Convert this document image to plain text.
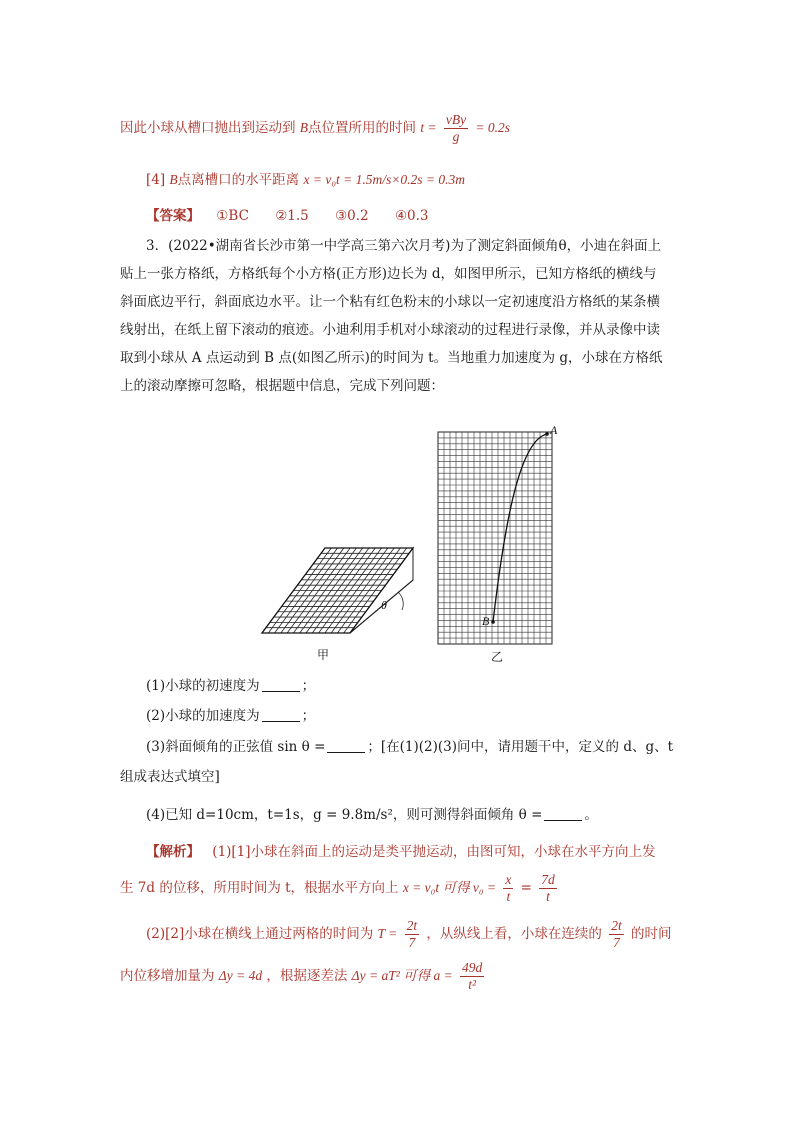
因此小球从槽口抛出到运动到 B点位置所用的时间 $t = \frac{\text{vBy}}{g} = 0.2s$
[4] B点离槽口的水平距离 x = v₀t = 1.5m/s×0.2s = 0.3m
【答案】 ①BC ②1.5 ③0.2 ④0.3
3．(2022•湖南省长沙市第一中学高三第六次月考)为了测定斜面倾角θ，小迪在斜面上
贴上一张方格纸，方格纸每个小方格(正方形)边长为 d，如图甲所示，已知方格纸的横线与
斜面底边平行，斜面底边水平。让一个粘有红色粉末的小球以一定初速度沿方格纸的某条横
线射出，在纸上留下滚动的痕迹。小迪利用手机对小球滚动的过程进行录像，并从录像中读
取到小球从 A 点运动到 B 点(如图乙所示)的时间为 t。当地重力加速度为 g，小球在方格纸
上的滚动摩擦可忽略，根据题中信息，完成下列问题：
甲	乙
θ
A
B
(1)小球的初速度为	；
(2)小球的加速度为	；
(3)斜面倾角的正弦值 sin θ =	；[在(1)(2)(3)问中，请用题干中，定义的 d、g、t
组成表达式填空]
(4)已知 d=10cm，t=1s，g = 9.8m/s²，则可测得斜面倾角 θ =	。
【解析】 (1)[1]小球在斜面上的运动是类平抛运动，由图可知，小球在水平方向上发
生 7d 的位移，所用时间为 t，根据水平方向上 x = v₀t 可得 $v_0 = \frac{x}{t} = \frac{7d}{t}$
(2)[2]小球在横线上通过两格的时间为 $T = \frac{2t}{7}$ ，从纵线上看，小球在连续的 $\frac{2t}{7}$ 的时间
内位移增加量为 Δy = 4d ，根据逐差法 Δy = aT² 可得 $a = \frac{49d}{\text{t²}}$
